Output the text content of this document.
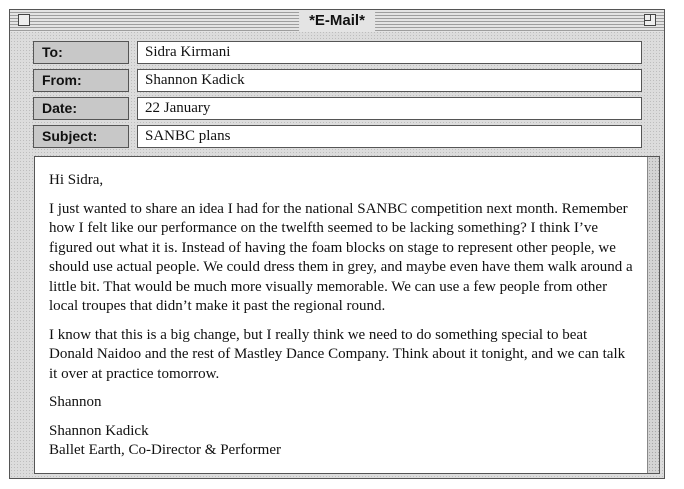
*E-Mail*
To:	Sidra Kirmani
From:	Shannon Kadick
Date:	22 January
Subject:	SANBC plans

Hi Sidra,

I just wanted to share an idea I had for the national SANBC competition next month. Remember how I felt like our performance on the twelfth seemed to be lacking something? I think I’ve figured out what it is. Instead of having the foam blocks on stage to represent other people, we should use actual people. We could dress them in grey, and maybe even have them walk around a little bit. That would be much more visually memorable. We can use a few people from other local troupes that didn’t make it past the regional round.

I know that this is a big change, but I really think we need to do something special to beat Donald Naidoo and the rest of Mastley Dance Company. Think about it tonight, and we can talk it over at practice tomorrow.

Shannon

Shannon Kadick

Ballet Earth, Co-Director & Performer
